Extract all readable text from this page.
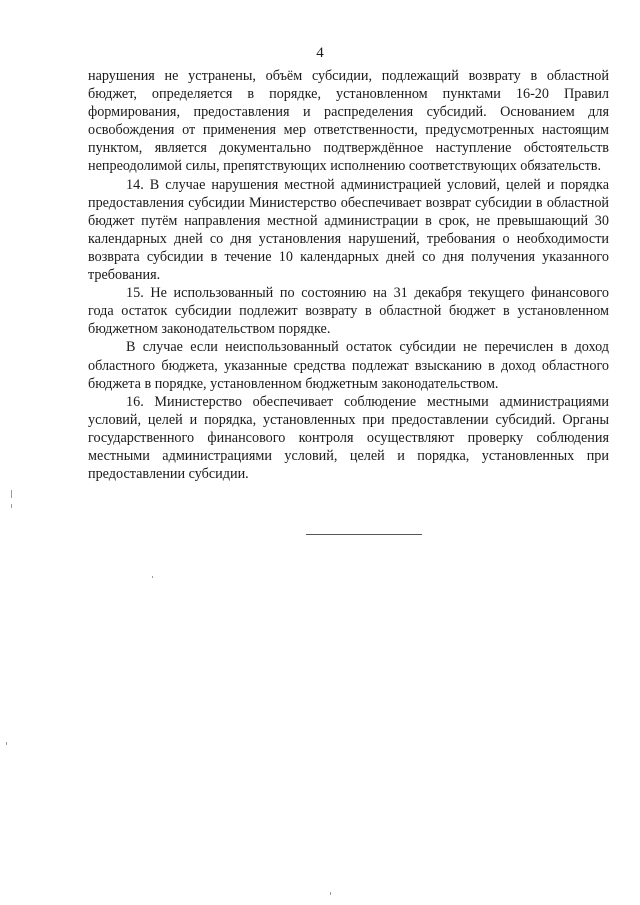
4

нарушения не устранены, объём субсидии, подлежащий возврату в областной бюджет, определяется в порядке, установленном пунктами 16-20 Правил формирования, предоставления и распределения субсидий. Основанием для освобождения от применения мер ответственности, предусмотренных настоящим пунктом, является документально подтверждённое наступление обстоятельств непреодолимой силы, препятствующих исполнению соответствующих обязательств.

14. В случае нарушения местной администрацией условий, целей и порядка предоставления субсидии Министерство обеспечивает возврат субсидии в областной бюджет путём направления местной администрации в срок, не превышающий 30 календарных дней со дня установления нарушений, требования о необходимости возврата субсидии в течение 10 календарных дней со дня получения указанного требования.

15. Не использованный по состоянию на 31 декабря текущего финансового года остаток субсидии подлежит возврату в областной бюджет в установленном бюджетном законодательством порядке.

В случае если неиспользованный остаток субсидии не перечислен в доход областного бюджета, указанные средства подлежат взысканию в доход областного бюджета в порядке, установленном бюджетным законодательством.

16. Министерство обеспечивает соблюдение местными администрациями условий, целей и порядка, установленных при предоставлении субсидий. Органы государственного финансового контроля осуществляют проверку соблюдения местными администрациями условий, целей и порядка, установленных при предоставлении субсидии.
